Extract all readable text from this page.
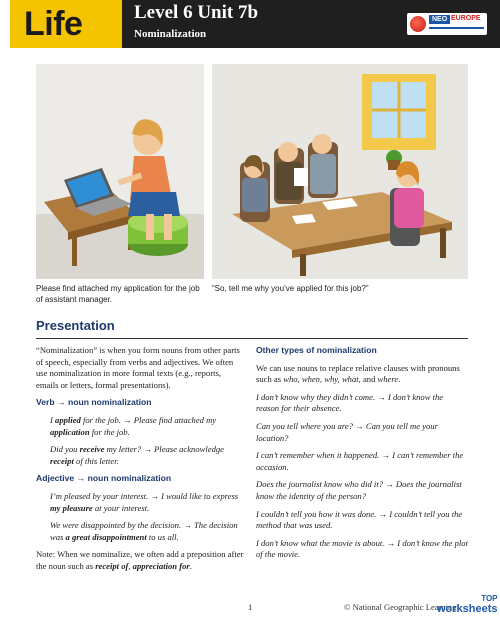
Life	Level 6 Unit 7b
Nominalization
NEO EUROPE
Please find attached my application for the job of assistant manager.
“So, tell me why you’ve applied for this job?”
Presentation

“Nominalization” is when you form nouns from other parts of speech, especially from verbs and adjectives. We often use nominalization in more formal texts (e.g., reports, emails or letters, formal presentations).

Verb → noun nominalization

I applied for the job. → Please find attached my application for the job.

Did you receive my letter? → Please acknowledge receipt of this letter.

Adjective → noun nominalization

I’m pleased by your interest. → I would like to express my pleasure at your interest.

We were disappointed by the decision. → The decision was a great disappointment to us all.

Note: When we nominalize, we often add a preposition after the noun such as receipt of, appreciation for.

Other types of nominalization

We can use nouns to replace relative clauses with pronouns such as who, when, why, what, and where.

I don’t know why they didn’t come. → I don’t know the reason for their absence.

Can you tell where you are? → Can you tell me your location?

I can’t remember when it happened. → I can’t remember the occasion.

Does the journalist know who did it? → Does the journalist know the identity of the person?

I couldn’t tell you how it was done. → I couldn’t tell you the method that was used.

I don’t know what the movie is about. → I don’t know the plot of the movie.

1	© National Geographic Learning
TOP
worksheets
